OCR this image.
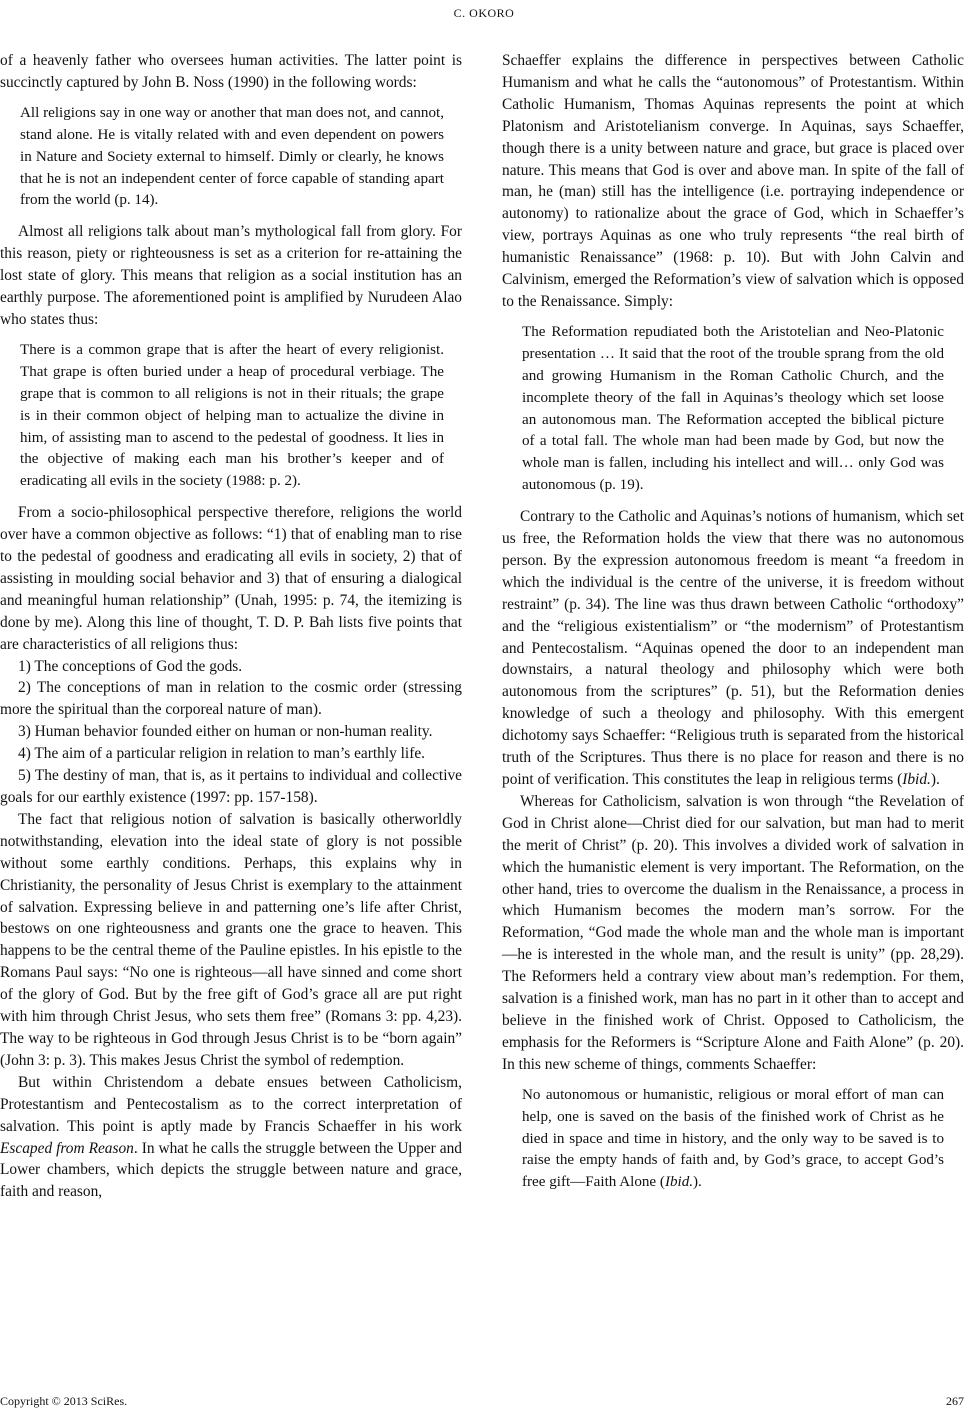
C. OKORO

of a heavenly father who oversees human activities. The latter point is succinctly captured by John B. Noss (1990) in the following words:

All religions say in one way or another that man does not, and cannot, stand alone. He is vitally related with and even dependent on powers in Nature and Society external to himself. Dimly or clearly, he knows that he is not an independent center of force capable of standing apart from the world (p. 14).

Almost all religions talk about man’s mythological fall from glory. For this reason, piety or righteousness is set as a criterion for re-attaining the lost state of glory. This means that religion as a social institution has an earthly purpose. The aforementioned point is amplified by Nurudeen Alao who states thus:

There is a common grape that is after the heart of every religionist. That grape is often buried under a heap of procedural verbiage. The grape that is common to all religions is not in their rituals; the grape is in their common object of helping man to actualize the divine in him, of assisting man to ascend to the pedestal of goodness. It lies in the objective of making each man his brother’s keeper and of eradicating all evils in the society (1988: p. 2).

From a socio-philosophical perspective therefore, religions the world over have a common objective as follows: “1) that of enabling man to rise to the pedestal of goodness and eradicating all evils in society, 2) that of assisting in moulding social behavior and 3) that of ensuring a dialogical and meaningful human relationship” (Unah, 1995: p. 74, the itemizing is done by me). Along this line of thought, T. D. P. Bah lists five points that are characteristics of all religions thus:

1) The conceptions of God the gods.

2) The conceptions of man in relation to the cosmic order (stressing more the spiritual than the corporeal nature of man).

3) Human behavior founded either on human or non-human reality.

4) The aim of a particular religion in relation to man’s earthly life.

5) The destiny of man, that is, as it pertains to individual and collective goals for our earthly existence (1997: pp. 157-158).

The fact that religious notion of salvation is basically otherworldly notwithstanding, elevation into the ideal state of glory is not possible without some earthly conditions. Perhaps, this explains why in Christianity, the personality of Jesus Christ is exemplary to the attainment of salvation. Expressing believe in and patterning one’s life after Christ, bestows on one righteousness and grants one the grace to heaven. This happens to be the central theme of the Pauline epistles. In his epistle to the Romans Paul says: “No one is righteous—all have sinned and come short of the glory of God. But by the free gift of God’s grace all are put right with him through Christ Jesus, who sets them free” (Romans 3: pp. 4,23). The way to be righteous in God through Jesus Christ is to be “born again” (John 3: p. 3). This makes Jesus Christ the symbol of redemption.

But within Christendom a debate ensues between Catholicism, Protestantism and Pentecostalism as to the correct interpretation of salvation. This point is aptly made by Francis Schaeffer in his work Escaped from Reason. In what he calls the struggle between the Upper and Lower chambers, which depicts the struggle between nature and grace, faith and reason,

Schaeffer explains the difference in perspectives between Catholic Humanism and what he calls the “autonomous” of Protestantism. Within Catholic Humanism, Thomas Aquinas represents the point at which Platonism and Aristotelianism converge. In Aquinas, says Schaeffer, though there is a unity between nature and grace, but grace is placed over nature. This means that God is over and above man. In spite of the fall of man, he (man) still has the intelligence (i.e. portraying independence or autonomy) to rationalize about the grace of God, which in Schaeffer’s view, portrays Aquinas as one who truly represents “the real birth of humanistic Renaissance” (1968: p. 10). But with John Calvin and Calvinism, emerged the Reformation’s view of salvation which is opposed to the Renaissance. Simply:

The Reformation repudiated both the Aristotelian and Neo-Platonic presentation … It said that the root of the trouble sprang from the old and growing Humanism in the Roman Catholic Church, and the incomplete theory of the fall in Aquinas’s theology which set loose an autonomous man. The Reformation accepted the biblical picture of a total fall. The whole man had been made by God, but now the whole man is fallen, including his intellect and will… only God was autonomous (p. 19).

Contrary to the Catholic and Aquinas’s notions of humanism, which set us free, the Reformation holds the view that there was no autonomous person. By the expression autonomous freedom is meant “a freedom in which the individual is the centre of the universe, it is freedom without restraint” (p. 34). The line was thus drawn between Catholic “orthodoxy” and the “religious existentialism” or “the modernism” of Protestantism and Pentecostalism. “Aquinas opened the door to an independent man downstairs, a natural theology and philosophy which were both autonomous from the scriptures” (p. 51), but the Reformation denies knowledge of such a theology and philosophy. With this emergent dichotomy says Schaeffer: “Religious truth is separated from the historical truth of the Scriptures. Thus there is no place for reason and there is no point of verification. This constitutes the leap in religious terms (Ibid.).

Whereas for Catholicism, salvation is won through “the Revelation of God in Christ alone—Christ died for our salvation, but man had to merit the merit of Christ” (p. 20). This involves a divided work of salvation in which the humanistic element is very important. The Reformation, on the other hand, tries to overcome the dualism in the Renaissance, a process in which Humanism becomes the modern man’s sorrow. For the Reformation, “God made the whole man and the whole man is important—he is interested in the whole man, and the result is unity” (pp. 28,29). The Reformers held a contrary view about man’s redemption. For them, salvation is a finished work, man has no part in it other than to accept and believe in the finished work of Christ. Opposed to Catholicism, the emphasis for the Reformers is “Scripture Alone and Faith Alone” (p. 20). In this new scheme of things, comments Schaeffer:

No autonomous or humanistic, religious or moral effort of man can help, one is saved on the basis of the finished work of Christ as he died in space and time in history, and the only way to be saved is to raise the empty hands of faith and, by God’s grace, to accept God’s free gift—Faith Alone (Ibid.).

Copyright © 2013 SciRes.	267
